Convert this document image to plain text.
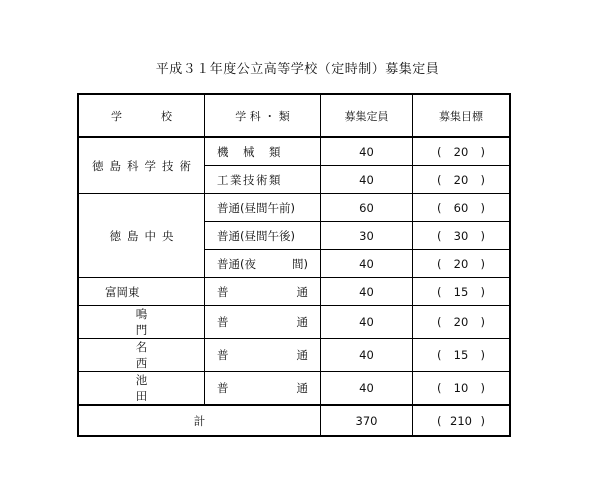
平成３１年度公立高等学校（定時制）募集定員
学 校	学 科 ・ 類	募集定員	募集目標
徳島科学技術	機　械　類	40	( 20 )

	工業技術類	40	( 20 )

徳島中央	普通(昼間午前)	60	( 60 )

	普通(昼間午後)	30	( 30 )

	普通(夜 間)	40	( 20 )

富岡東	普 通	40	( 15 )

鳴門	普 通	40	( 20 )

名西	普 通	40	( 15 )

池田	普 通	40	( 10 )

計		370	( 210 )
